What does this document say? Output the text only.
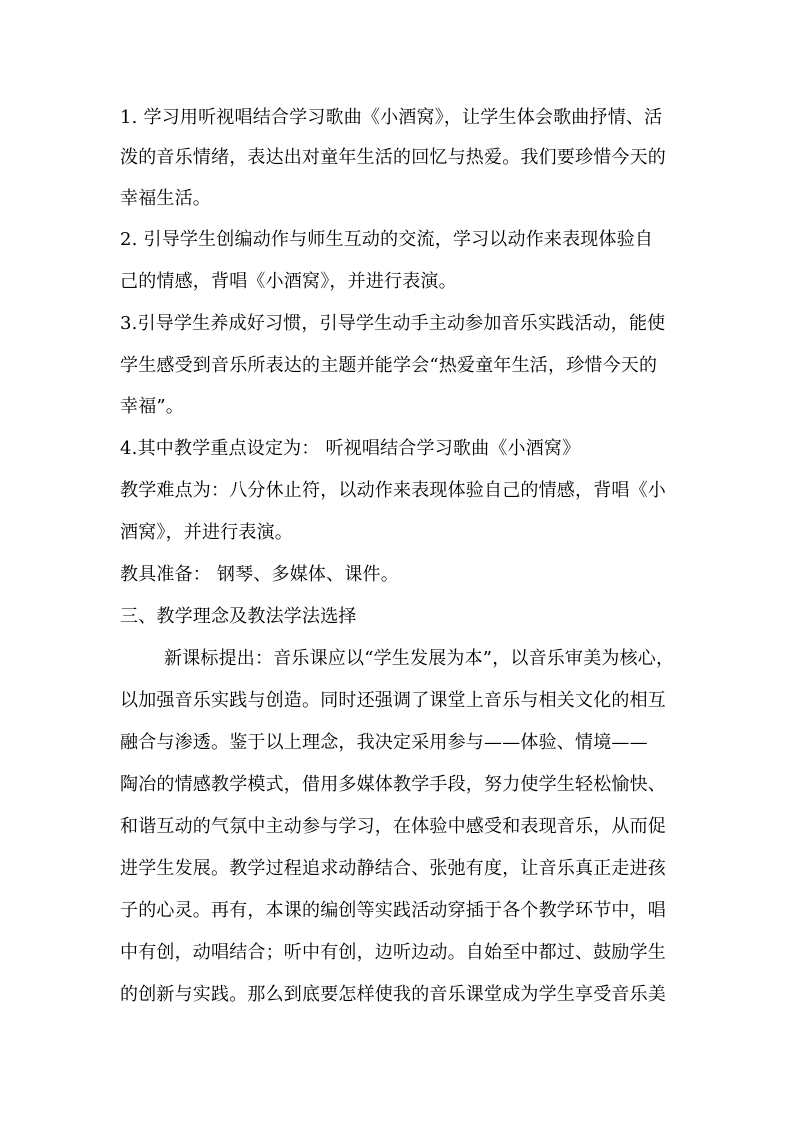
1. 学习用听视唱结合学习歌曲《小酒窝》，让学生体会歌曲抒情、活
泼的音乐情绪，表达出对童年生活的回忆与热爱。我们要珍惜今天的
幸福生活。
2. 引导学生创编动作与师生互动的交流，学习以动作来表现体验自
己的情感，背唱《小酒窝》，并进行表演。
3.引导学生养成好习惯，引导学生动手主动参加音乐实践活动，能使
学生感受到音乐所表达的主题并能学会“热爱童年生活，珍惜今天的
幸福”。
4.其中教学重点设定为： 听视唱结合学习歌曲《小酒窝》
教学难点为：八分休止符，以动作来表现体验自己的情感，背唱《小
酒窝》，并进行表演。
教具准备： 钢琴、多媒体、课件。
三、教学理念及教法学法选择
新课标提出：音乐课应以“学生发展为本”，以音乐审美为核心，
以加强音乐实践与创造。同时还强调了课堂上音乐与相关文化的相互
融合与渗透。鉴于以上理念，我决定采用参与——体验、情境——
陶冶的情感教学模式，借用多媒体教学手段，努力使学生轻松愉快、
和谐互动的气氛中主动参与学习，在体验中感受和表现音乐，从而促
进学生发展。教学过程追求动静结合、张弛有度，让音乐真正走进孩
子的心灵。再有，本课的编创等实践活动穿插于各个教学环节中，唱
中有创，动唱结合；听中有创，边听边动。自始至中都过、鼓励学生
的创新与实践。那么到底要怎样使我的音乐课堂成为学生享受音乐美
